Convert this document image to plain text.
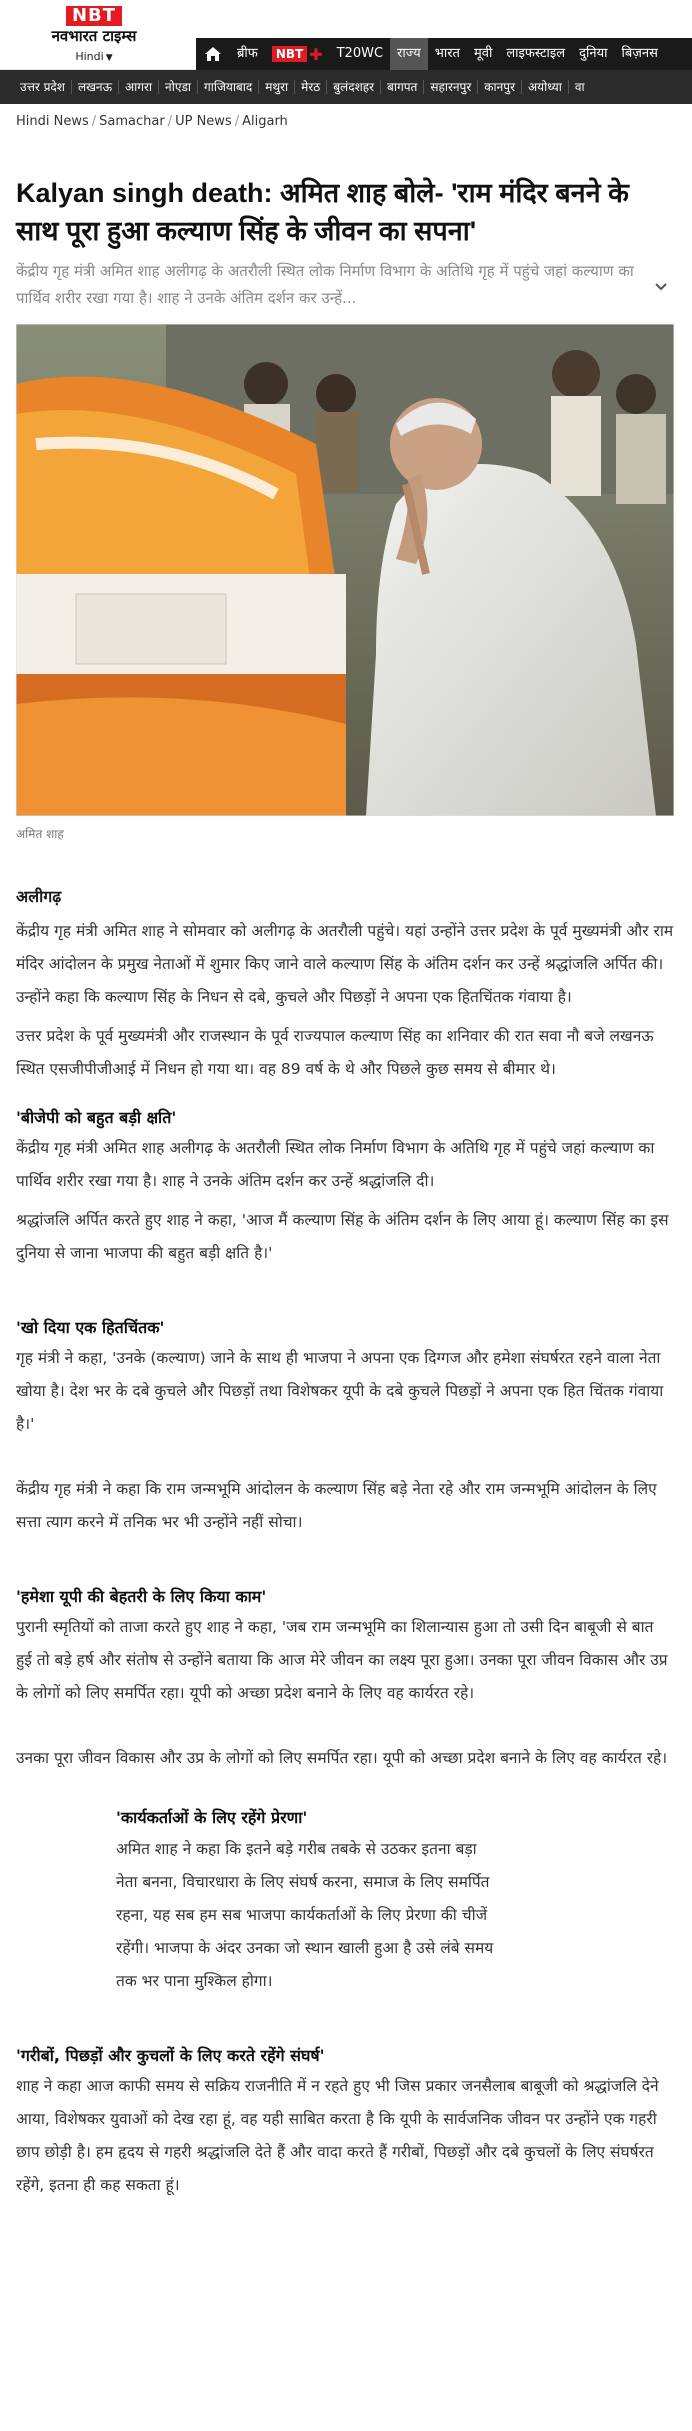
NBT
नवभारत टाइम्स
Hindi ▼	ब्रीफ	NBT ✚	T20WC	राज्य	भारत	मूवी	लाइफस्टाइल	दुनिया	बिज़नस
उत्तर प्रदेश	लखनऊ	आगरा	नोएडा	गाजियाबाद	मथुरा	मेरठ	बुलंदशहर	बागपत	सहारनपुर	कानपुर	अयोध्या	वा
Hindi News / Samachar / UP News / Aligarh
Kalyan singh death: अमित शाह बोले- 'राम मंदिर बनने के साथ पूरा हुआ कल्याण सिंह के जीवन का सपना'

केंद्रीय गृह मंत्री अमित शाह अलीगढ़ के अतरौली स्थित लोक निर्माण विभाग के अतिथि गृह में पहुंचे जहां कल्याण का पार्थिव शरीर रखा गया है। शाह ने उनके अंतिम दर्शन कर उन्हें...

अमित शाह

अलीगढ़

केंद्रीय गृह मंत्री अमित शाह ने सोमवार को अलीगढ़ के अतरौली पहुंचे। यहां उन्होंने उत्तर प्रदेश के पूर्व मुख्यमंत्री और राम मंदिर आंदोलन के प्रमुख नेताओं में शुमार किए जाने वाले कल्याण सिंह के अंतिम दर्शन कर उन्हें श्रद्धांजलि अर्पित की। उन्होंने कहा कि कल्याण सिंह के निधन से दबे, कुचले और पिछड़ों ने अपना एक हितचिंतक गंवाया है।

उत्तर प्रदेश के पूर्व मुख्यमंत्री और राजस्थान के पूर्व राज्यपाल कल्याण सिंह का शनिवार की रात सवा नौ बजे लखनऊ स्थित एसजीपीजीआई में निधन हो गया था। वह 89 वर्ष के थे और पिछले कुछ समय से बीमार थे।

'बीजेपी को बहुत बड़ी क्षति'

केंद्रीय गृह मंत्री अमित शाह अलीगढ़ के अतरौली स्थित लोक निर्माण विभाग के अतिथि गृह में पहुंचे जहां कल्याण का पार्थिव शरीर रखा गया है। शाह ने उनके अंतिम दर्शन कर उन्हें श्रद्धांजलि दी।

श्रद्धांजलि अर्पित करते हुए शाह ने कहा, 'आज मैं कल्याण सिंह के अंतिम दर्शन के लिए आया हूं। कल्याण सिंह का इस दुनिया से जाना भाजपा की बहुत बड़ी क्षति है।'

'खो दिया एक हितचिंतक'

गृह मंत्री ने कहा, 'उनके (कल्याण) जाने के साथ ही भाजपा ने अपना एक दिग्गज और हमेशा संघर्षरत रहने वाला नेता खोया है। देश भर के दबे कुचले और पिछड़ों तथा विशेषकर यूपी के दबे कुचले पिछड़ों ने अपना एक हित चिंतक गंवाया है।'

केंद्रीय गृह मंत्री ने कहा कि राम जन्मभूमि आंदोलन के कल्याण सिंह बड़े नेता रहे और राम जन्मभूमि आंदोलन के लिए सत्ता त्याग करने में तनिक भर भी उन्होंने नहीं सोचा।

'हमेशा यूपी की बेहतरी के लिए किया काम'

पुरानी स्मृतियों को ताजा करते हुए शाह ने कहा, 'जब राम जन्मभूमि का शिलान्यास हुआ तो उसी दिन बाबूजी से बात हुई तो बड़े हर्ष और संतोष से उन्होंने बताया कि आज मेरे जीवन का लक्ष्य पूरा हुआ। उनका पूरा जीवन विकास और उप्र के लोगों को लिए समर्पित रहा। यूपी को अच्छा प्रदेश बनाने के लिए वह कार्यरत रहे।

उनका पूरा जीवन विकास और उप्र के लोगों को लिए समर्पित रहा। यूपी को अच्छा प्रदेश बनाने के लिए वह कार्यरत रहे।

'कार्यकर्ताओं के लिए रहेंगे प्रेरणा'

अमित शाह ने कहा कि इतने बड़े गरीब तबके से उठकर इतना बड़ा नेता बनना, विचारधारा के लिए संघर्ष करना, समाज के लिए समर्पित रहना, यह सब हम सब भाजपा कार्यकर्ताओं के लिए प्रेरणा की चीजें रहेंगी। भाजपा के अंदर उनका जो स्थान खाली हुआ है उसे लंबे समय तक भर पाना मुश्किल होगा।

'गरीबों, पिछड़ों और कुचलों के लिए करते रहेंगे संघर्ष'

शाह ने कहा आज काफी समय से सक्रिय राजनीति में न रहते हुए भी जिस प्रकार जनसैलाब बाबूजी को श्रद्धांजलि देने आया, विशेषकर युवाओं को देख रहा हूं, वह यही साबित करता है कि यूपी के सार्वजनिक जीवन पर उन्होंने एक गहरी छाप छोड़ी है। हम हृदय से गहरी श्रद्धांजलि देते हैं और वादा करते हैं गरीबों, पिछड़ों और दबे कुचलों के लिए संघर्षरत रहेंगे, इतना ही कह सकता हूं।
